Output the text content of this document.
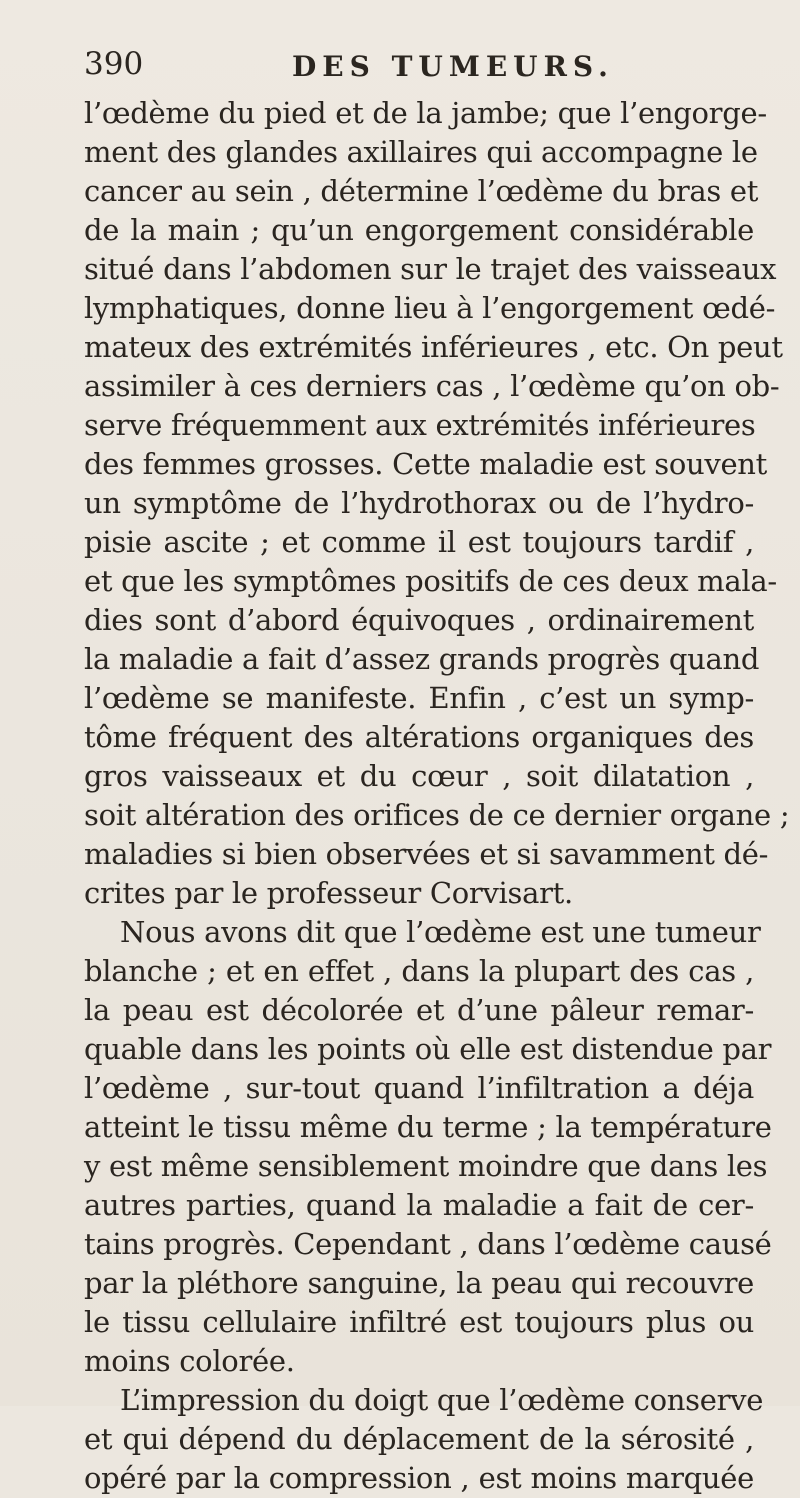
390	DES TUMEURS.
l’œdème du pied et de la jambe; que l’engorge-
ment des glandes axillaires qui accompagne le
cancer au sein , détermine l’œdème du bras et
de la main ; qu’un engorgement considérable
situé dans l’abdomen sur le trajet des vaisseaux
lymphatiques, donne lieu à l’engorgement œdé-
mateux des extrémités inférieures , etc. On peut
assimiler à ces derniers cas , l’œdème qu’on ob-
serve fréquemment aux extrémités inférieures
des femmes grosses. Cette maladie est souvent
un symptôme de l’hydrothorax ou de l’hydro-
pisie ascite ; et comme il est toujours tardif ,
et que les symptômes positifs de ces deux mala-
dies sont d’abord équivoques , ordinairement
la maladie a fait d’assez grands progrès quand
l’œdème se manifeste. Enfin , c’est un symp-
tôme fréquent des altérations organiques des
gros vaisseaux et du cœur , soit dilatation ,
soit altération des orifices de ce dernier organe ;
maladies si bien observées et si savamment dé-
crites par le professeur Corvisart.
Nous avons dit que l’œdème est une tumeur
blanche ; et en effet , dans la plupart des cas ,
la peau est décolorée et d’une pâleur remar-
quable dans les points où elle est distendue par
l’œdème , sur-tout quand l’infiltration a déja
atteint le tissu même du terme ; la température
y est même sensiblement moindre que dans les
autres parties, quand la maladie a fait de cer-
tains progrès. Cependant , dans l’œdème causé
par la pléthore sanguine, la peau qui recouvre
le tissu cellulaire infiltré est toujours plus ou
moins colorée.
L’impression du doigt que l’œdème conserve
et qui dépend du déplacement de la sérosité ,
opéré par la compression , est moins marquée
